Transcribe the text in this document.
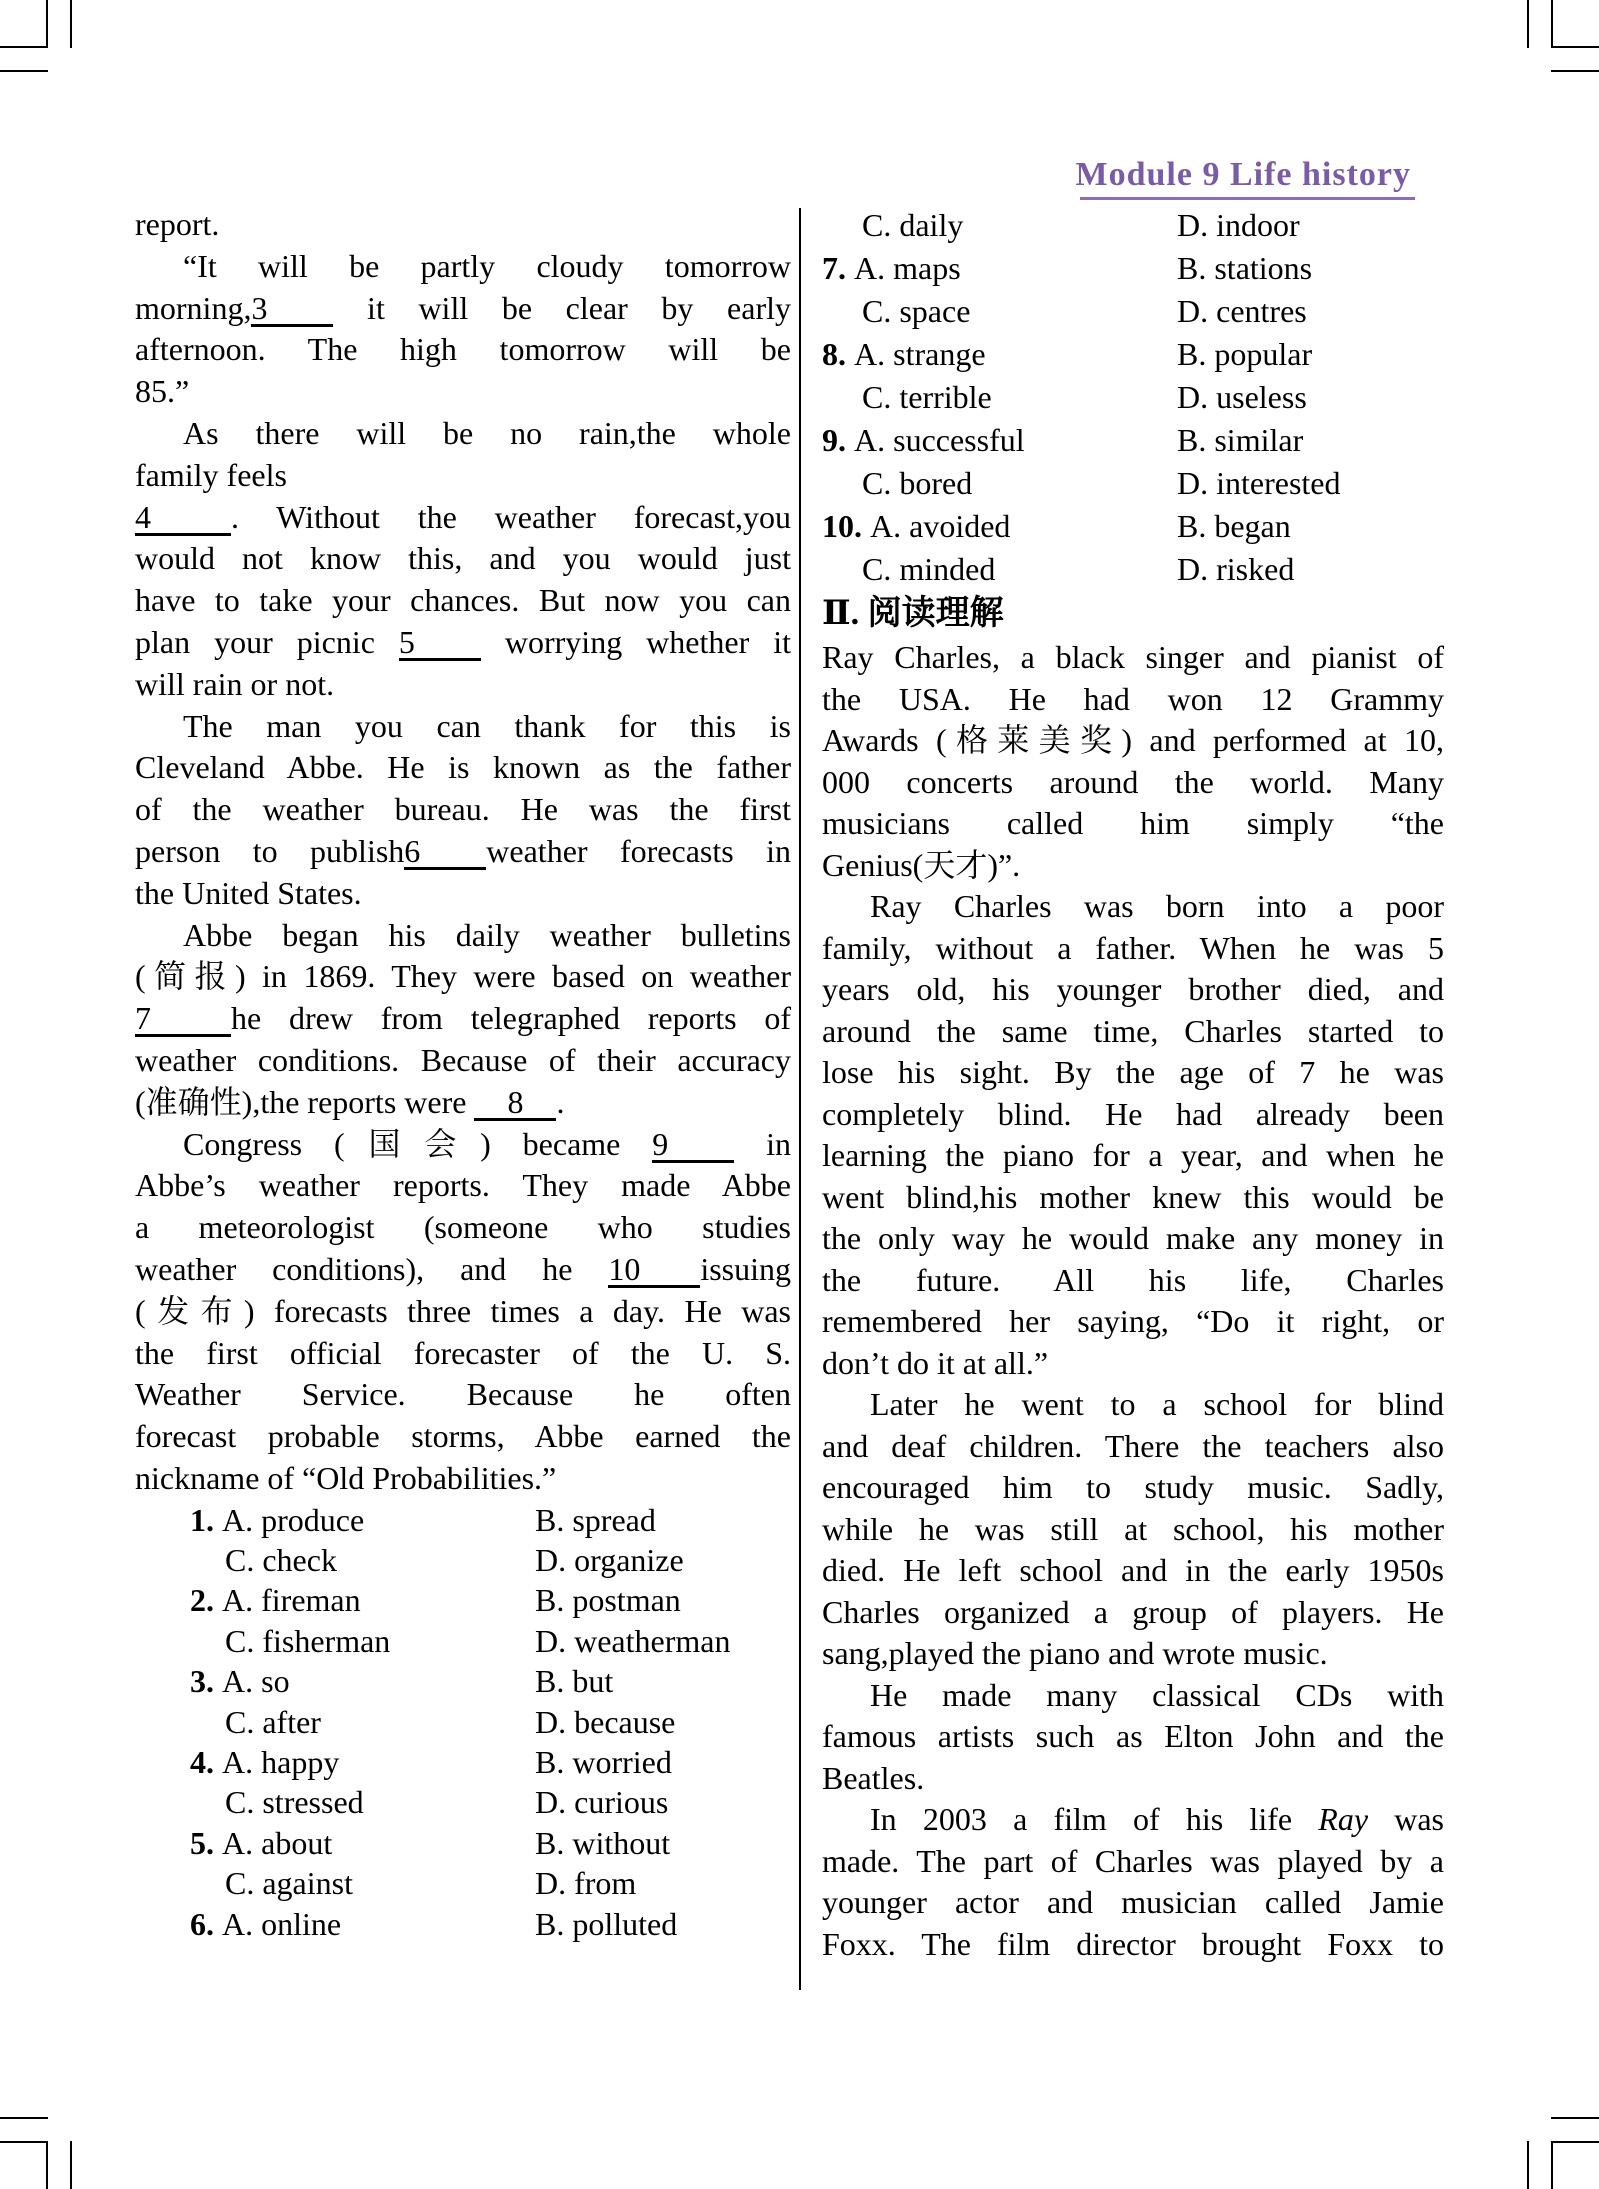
Module 9 Life history
report.
“It will be partly cloudy tomorrow
morning,3 it will be clear by early
afternoon. The high tomorrow will be
85.”
As there will be no rain,the whole
family feels
4	. Without the weather forecast,you
would not know this, and you would just
have to take your chances. But now you can
plan your picnic 5 worrying whether it
will rain or not.
The man you can thank for this is
Cleveland Abbe. He is known as the father
of the weather bureau. He was the first
person to publish6 weather forecasts in
the United States.
Abbe began his daily weather bulletins
(简报) in 1869. They were based on weather
7	he drew from telegraphed reports of
weather conditions. Because of their accuracy
(准确性),the reports were 8 .
Congress (国会) became 9 in
Abbe’s weather reports. They made Abbe
a meteorologist (someone who studies
weather conditions), and he 10 issuing
(发布) forecasts three times a day. He was
the first official forecaster of the U. S.
Weather Service. Because he often
forecast probable storms, Abbe earned the
nickname of “Old Probabilities.”
1. A. produce	B. spread
C. check	D. organize
2. A. fireman	B. postman
C. fisherman	D. weatherman
3. A. so	B. but
C. after	D. because
4. A. happy	B. worried
C. stressed	D. curious
5. A. about	B. without
C. against	D. from
6. A. online	B. polluted
C. daily	D. indoor
7. A. maps	B. stations
C. space	D. centres
8. A. strange	B. popular
C. terrible	D. useless
9. A. successful	B. similar
C. bored	D. interested
10. A. avoided	B. began
C. minded	D. risked
Ⅱ. 阅读理解
Ray Charles, a black singer and pianist of
the USA. He had won 12 Grammy
Awards (格莱美奖) and performed at 10,
000 concerts around the world. Many
musicians called him simply “the
Genius(天才)”.
Ray Charles was born into a poor
family, without a father. When he was 5
years old, his younger brother died, and
around the same time, Charles started to
lose his sight. By the age of 7 he was
completely blind. He had already been
learning the piano for a year, and when he
went blind,his mother knew this would be
the only way he would make any money in
the future. All his life, Charles
remembered her saying, “Do it right, or
don’t do it at all.”
Later he went to a school for blind
and deaf children. There the teachers also
encouraged him to study music. Sadly,
while he was still at school, his mother
died. He left school and in the early 1950s
Charles organized a group of players. He
sang,played the piano and wrote music.
He made many classical CDs with
famous artists such as Elton John and the
Beatles.
In 2003 a film of his life Ray was
made. The part of Charles was played by a
younger actor and musician called Jamie
Foxx. The film director brought Foxx to
